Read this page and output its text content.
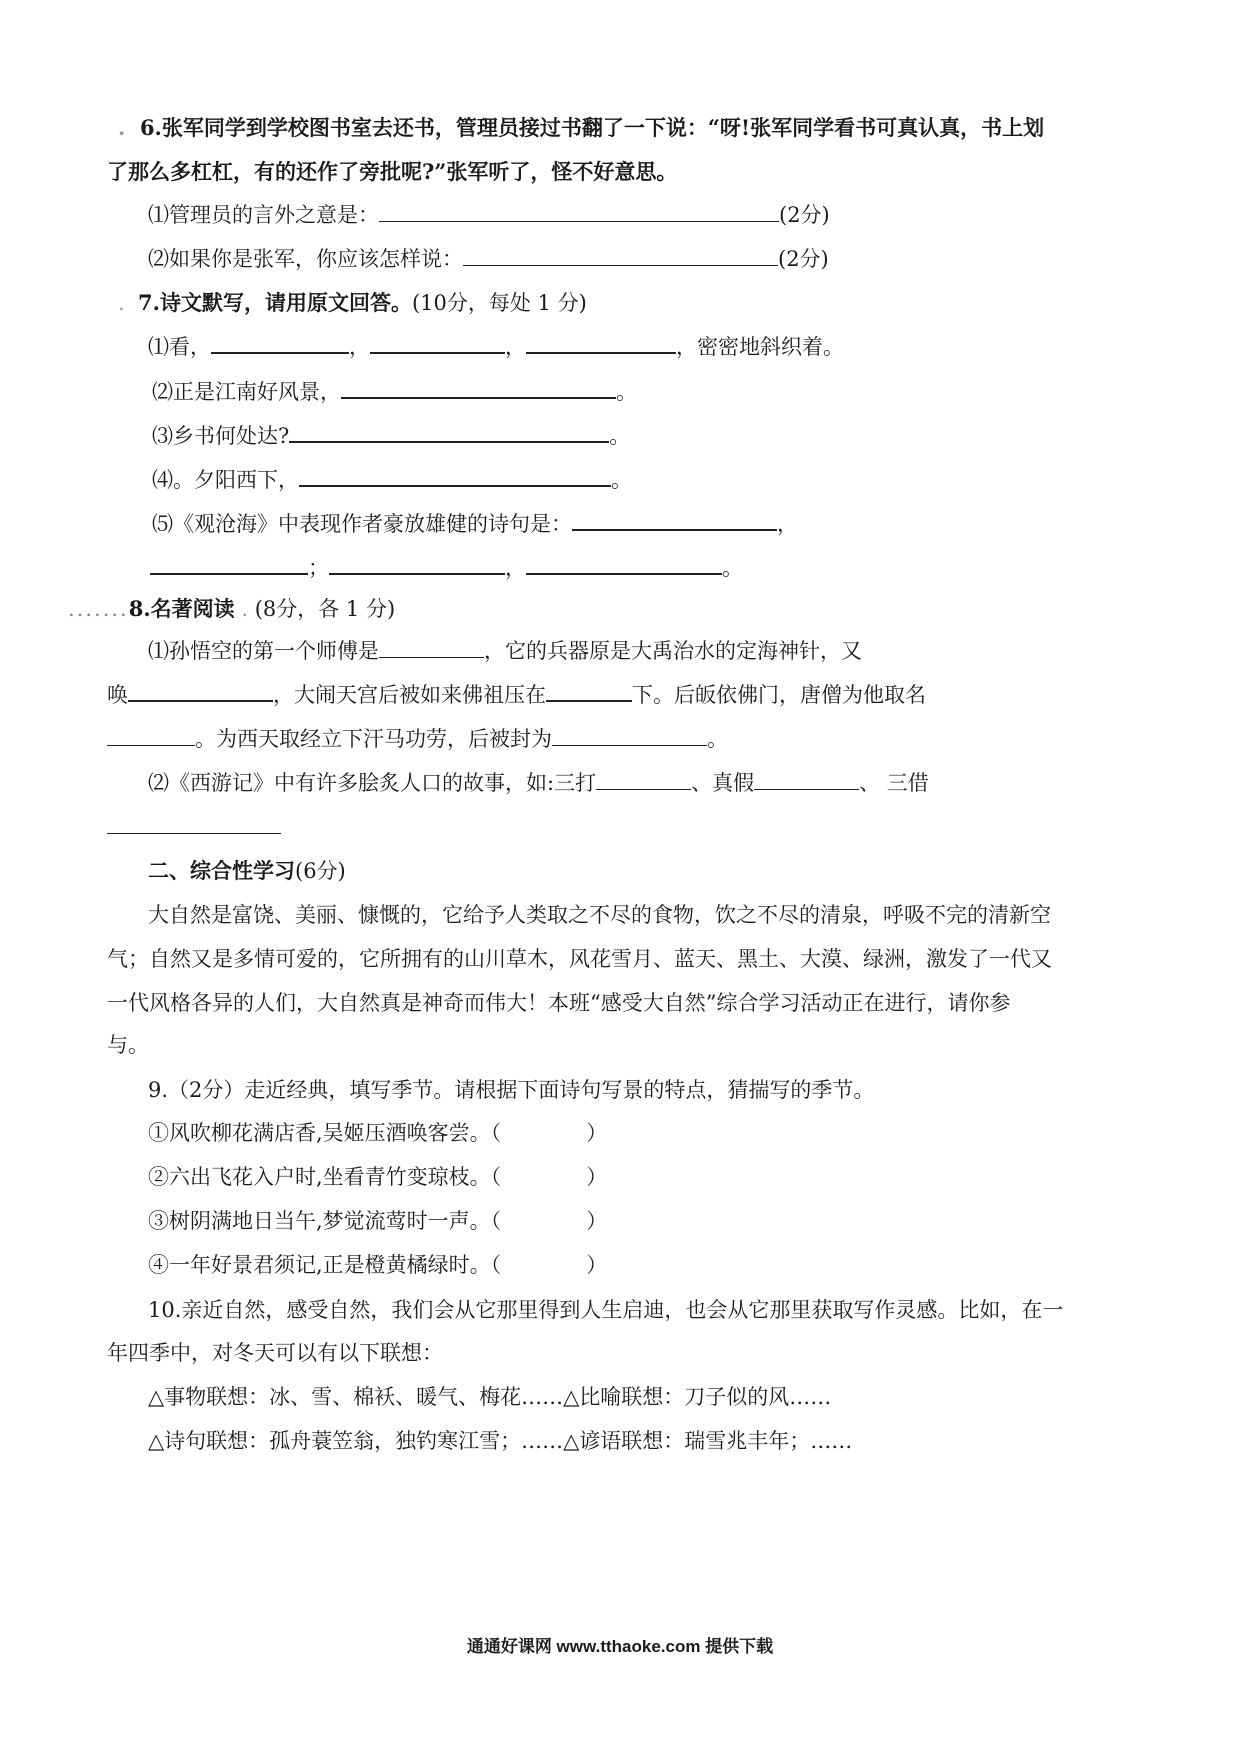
.  6.张军同学到学校图书室去还书，管理员接过书翻了一下说：“呀!张军同学看书可真认真，书上划
了那么多杠杠，有的还作了旁批呢?”张军听了，怪不好意思。
⑴管理员的言外之意是：	(2分)
⑵如果你是张军，你应该怎样说：	(2分)
.  7.诗文默写，请用原文回答。(10分，每处 1 分)
⑴看，	，	，	，密密地斜织着。
⑵正是江南好风景，	。
⑶乡书何处达?	。
⑷。夕阳西下，	。
⑸《观沧海》中表现作者豪放雄健的诗句是：	，
；	，	。
.......8.名著阅读 . (8分，各 1 分)
⑴孙悟空的第一个师傅是	，它的兵器原是大禹治水的定海神针，又
唤	，大闹天宫后被如来佛祖压在	下。后皈依佛门，唐僧为他取名
。为西天取经立下汗马功劳，后被封为	。
⑵《西游记》中有许多脍炙人口的故事，如:三打	、真假	、 三借
二、综合性学习(6分)
大自然是富饶、美丽、慷慨的，它给予人类取之不尽的食物，饮之不尽的清泉，呼吸不完的清新空
气；自然又是多情可爱的，它所拥有的山川草木，风花雪月、蓝天、黑土、大漠、绿洲，激发了一代又
一代风格各异的人们，大自然真是神奇而伟大！本班“感受大自然”综合学习活动正在进行，请你参
与。
9.（2分）走近经典，填写季节。请根据下面诗句写景的特点，猜揣写的季节。
①风吹柳花满店香,吴姬压酒唤客尝。（	）
②六出飞花入户时,坐看青竹变琼枝。（	）
③树阴满地日当午,梦觉流莺时一声。（	）
④一年好景君须记,正是橙黄橘绿时。（	）
10.亲近自然，感受自然，我们会从它那里得到人生启迪，也会从它那里获取写作灵感。比如，在一
年四季中，对冬天可以有以下联想：
△事物联想：冰、雪、棉袄、暖气、梅花……△比喻联想：刀子似的风……
△诗句联想：孤舟蓑笠翁，独钓寒江雪；……△谚语联想：瑞雪兆丰年；……
通通好课网 www.tthaoke.com 提供下载
